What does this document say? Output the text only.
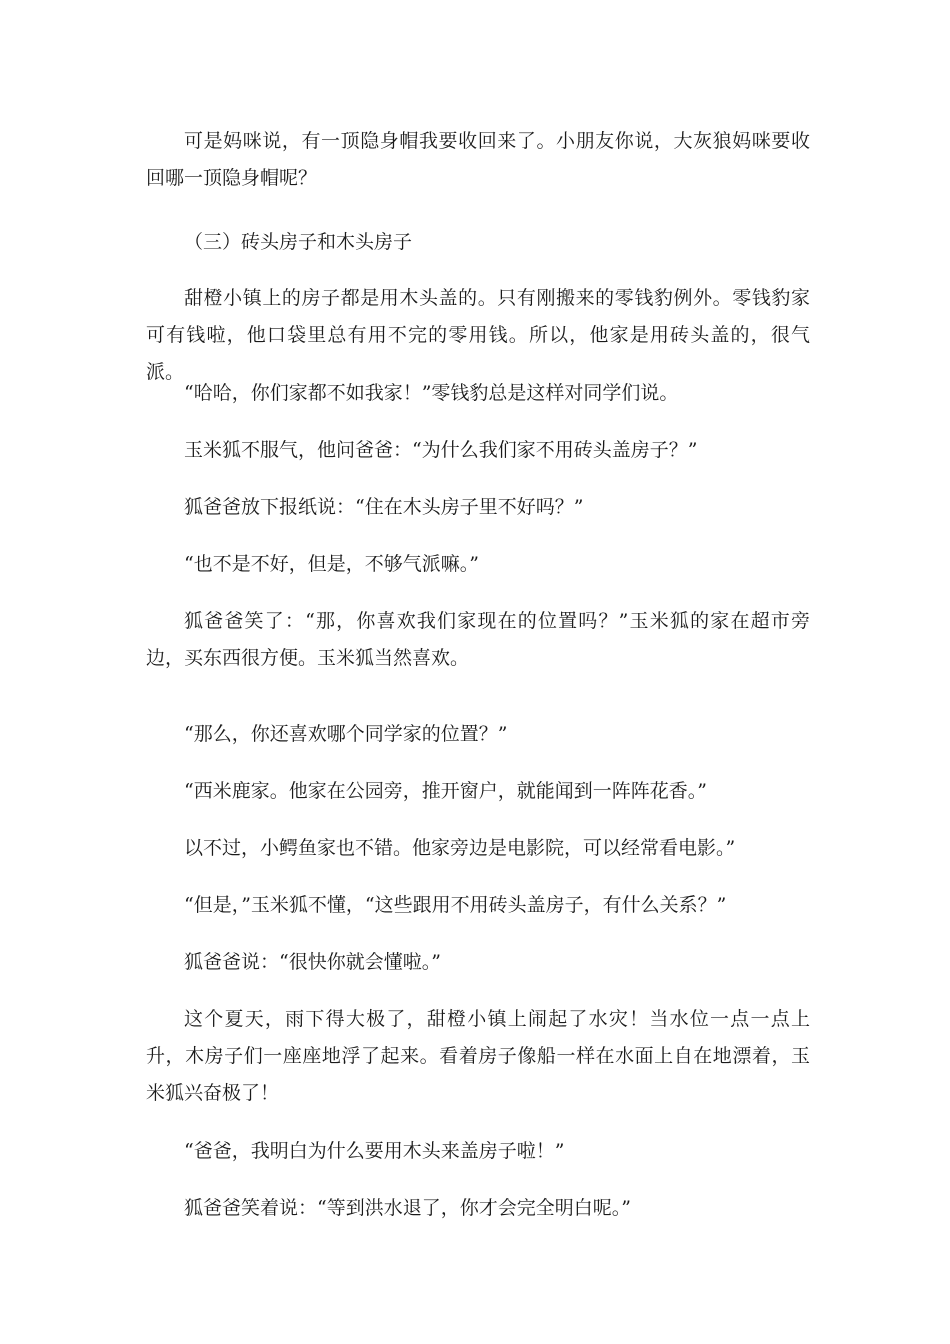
可是妈咪说，有一顶隐身帽我要收回来了。小朋友你说，大灰狼妈咪要收回哪一顶隐身帽呢？

（三）砖头房子和木头房子

甜橙小镇上的房子都是用木头盖的。只有刚搬来的零钱豹例外。零钱豹家可有钱啦，他口袋里总有用不完的零用钱。所以，他家是用砖头盖的，很气派。

“哈哈，你们家都不如我家！”零钱豹总是这样对同学们说。

玉米狐不服气，他问爸爸：“为什么我们家不用砖头盖房子？”

狐爸爸放下报纸说：“住在木头房子里不好吗？”

“也不是不好，但是，不够气派嘛。”

狐爸爸笑了：“那，你喜欢我们家现在的位置吗？”玉米狐的家在超市旁边，买东西很方便。玉米狐当然喜欢。

“那么，你还喜欢哪个同学家的位置？”

“西米鹿家。他家在公园旁，推开窗户，就能闻到一阵阵花香。”

以不过，小鳄鱼家也不错。他家旁边是电影院，可以经常看电影。”

“但是，”玉米狐不懂，“这些跟用不用砖头盖房子，有什么关系？”

狐爸爸说：“很快你就会懂啦。”

这个夏天，雨下得大极了，甜橙小镇上闹起了水灾！当水位一点一点上升，木房子们一座座地浮了起来。看着房子像船一样在水面上自在地漂着，玉米狐兴奋极了！

“爸爸，我明白为什么要用木头来盖房子啦！”

狐爸爸笑着说：“等到洪水退了，你才会完全明白呢。”
